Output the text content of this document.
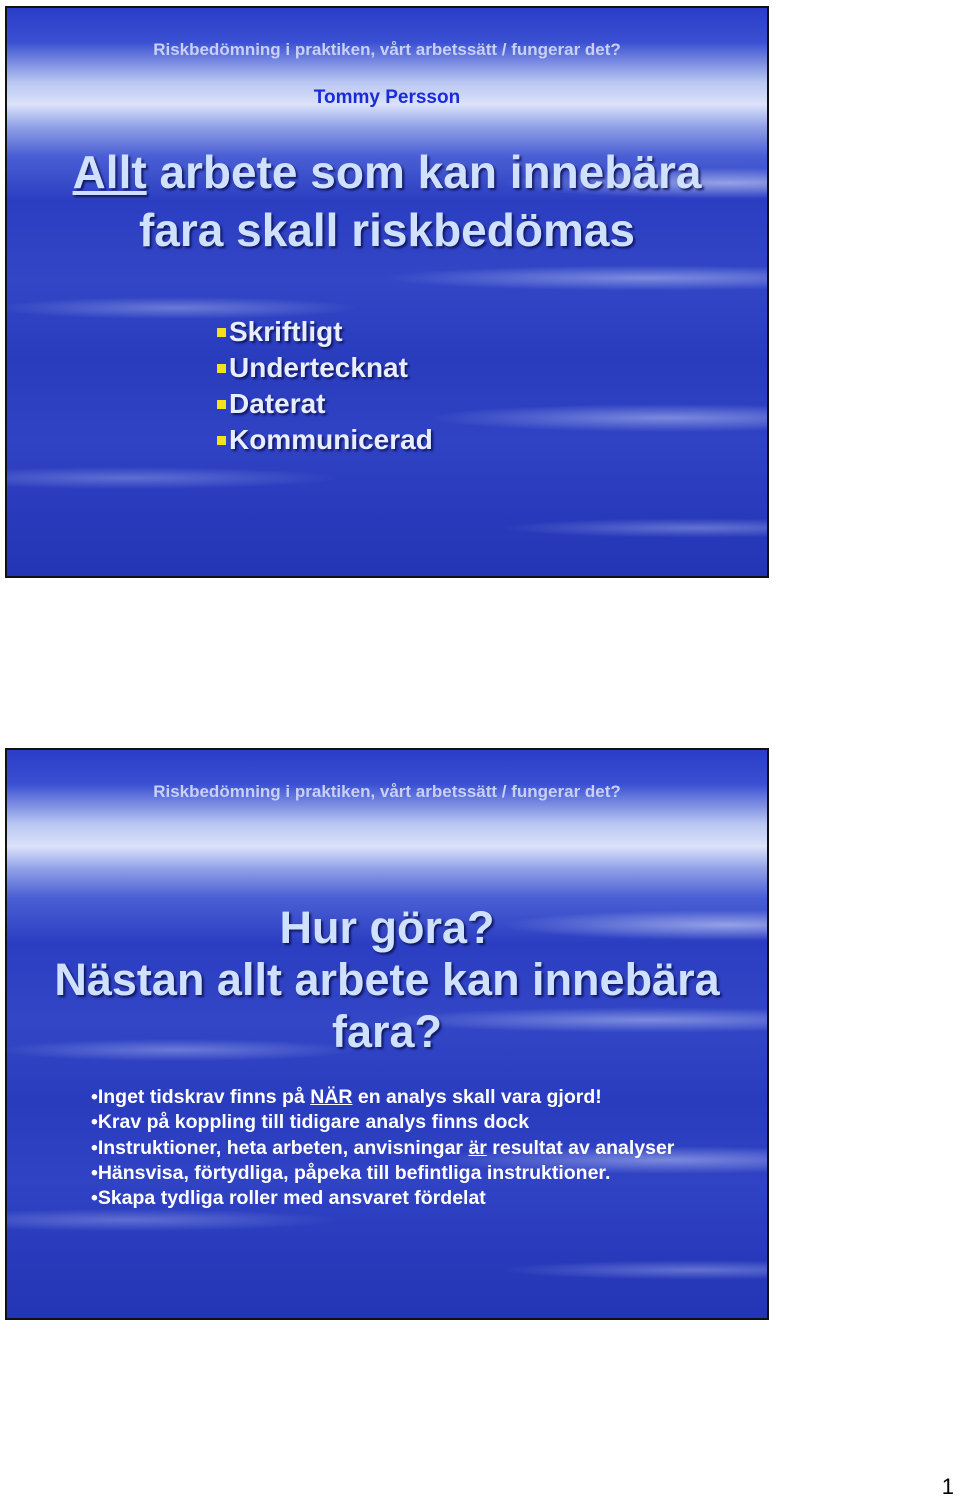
Riskbedömning i praktiken, vårt arbetssätt / fungerar det?
Tommy Persson
Allt arbete som kan innebära
fara skall riskbedömas
Skriftligt
Undertecknat
Daterat
Kommunicerad
Riskbedömning i praktiken, vårt arbetssätt / fungerar det?
Hur göra?
Nästan allt arbete kan innebära fara?
•Inget tidskrav finns på NÄR en analys skall vara gjord!
•Krav på koppling till tidigare analys finns dock
•Instruktioner, heta arbeten, anvisningar är resultat av analyser
•Hänsvisa, förtydliga, påpeka till befintliga instruktioner.
•Skapa tydliga roller med ansvaret fördelat
1
